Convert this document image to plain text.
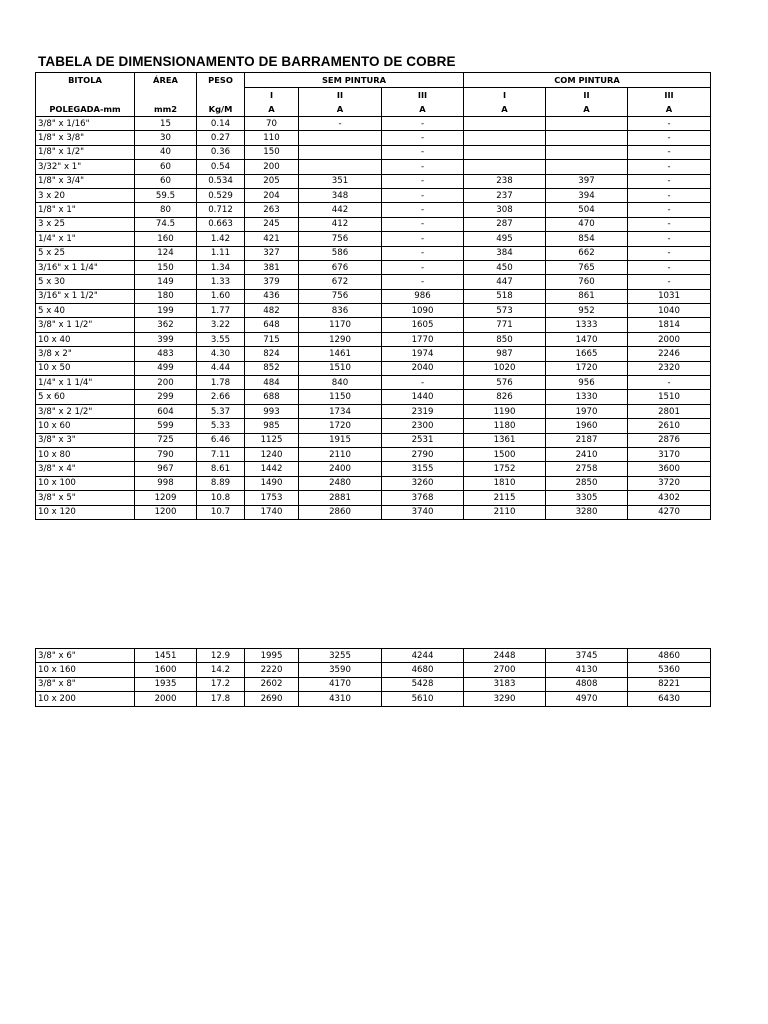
TABELA DE DIMENSIONAMENTO DE BARRAMENTO DE COBRE
BITOLA	ÁREA	PESO	SEM PINTURA			COM PINTURA		
			I	II	III	I	II	III
POLEGADA-mm	mm2	Kg/M	A	A	A	A	A	A
3/8" x 1/16"	15	0.14	70	-	-			-
1/8" x 3/8"	30	0.27	110		-			-
1/8" x 1/2"	40	0.36	150		-			-
3/32" x 1"	60	0.54	200		-			-
1/8" x 3/4"	60	0.534	205	351	-	238	397	-
3 x 20	59.5	0.529	204	348	-	237	394	-
1/8" x 1"	80	0.712	263	442	-	308	504	-
3 x 25	74.5	0.663	245	412	-	287	470	-
1/4" x 1"	160	1.42	421	756	-	495	854	-
5 x 25	124	1.11	327	586	-	384	662	-
3/16" x 1 1/4"	150	1.34	381	676	-	450	765	-
5 x 30	149	1.33	379	672	-	447	760	-
3/16" x 1 1/2"	180	1.60	436	756	986	518	861	1031
5 x 40	199	1.77	482	836	1090	573	952	1040
3/8" x 1 1/2"	362	3.22	648	1170	1605	771	1333	1814
10 x 40	399	3.55	715	1290	1770	850	1470	2000
3/8 x 2"	483	4.30	824	1461	1974	987	1665	2246
10 x 50	499	4.44	852	1510	2040	1020	1720	2320
1/4" x 1 1/4"	200	1.78	484	840	-	576	956	-
5 x 60	299	2.66	688	1150	1440	826	1330	1510
3/8" x 2 1/2"	604	5.37	993	1734	2319	1190	1970	2801
10 x 60	599	5.33	985	1720	2300	1180	1960	2610
3/8" x 3"	725	6.46	1125	1915	2531	1361	2187	2876
10 x 80	790	7.11	1240	2110	2790	1500	2410	3170
3/8" x 4"	967	8.61	1442	2400	3155	1752	2758	3600
10 x 100	998	8.89	1490	2480	3260	1810	2850	3720
3/8" x 5"	1209	10.8	1753	2881	3768	2115	3305	4302
10 x 120	1200	10.7	1740	2860	3740	2110	3280	4270
3/8" x 6"	1451	12.9	1995	3255	4244	2448	3745	4860
10 x 160	1600	14.2	2220	3590	4680	2700	4130	5360
3/8" x 8"	1935	17.2	2602	4170	5428	3183	4808	8221
10 x 200	2000	17.8	2690	4310	5610	3290	4970	6430
